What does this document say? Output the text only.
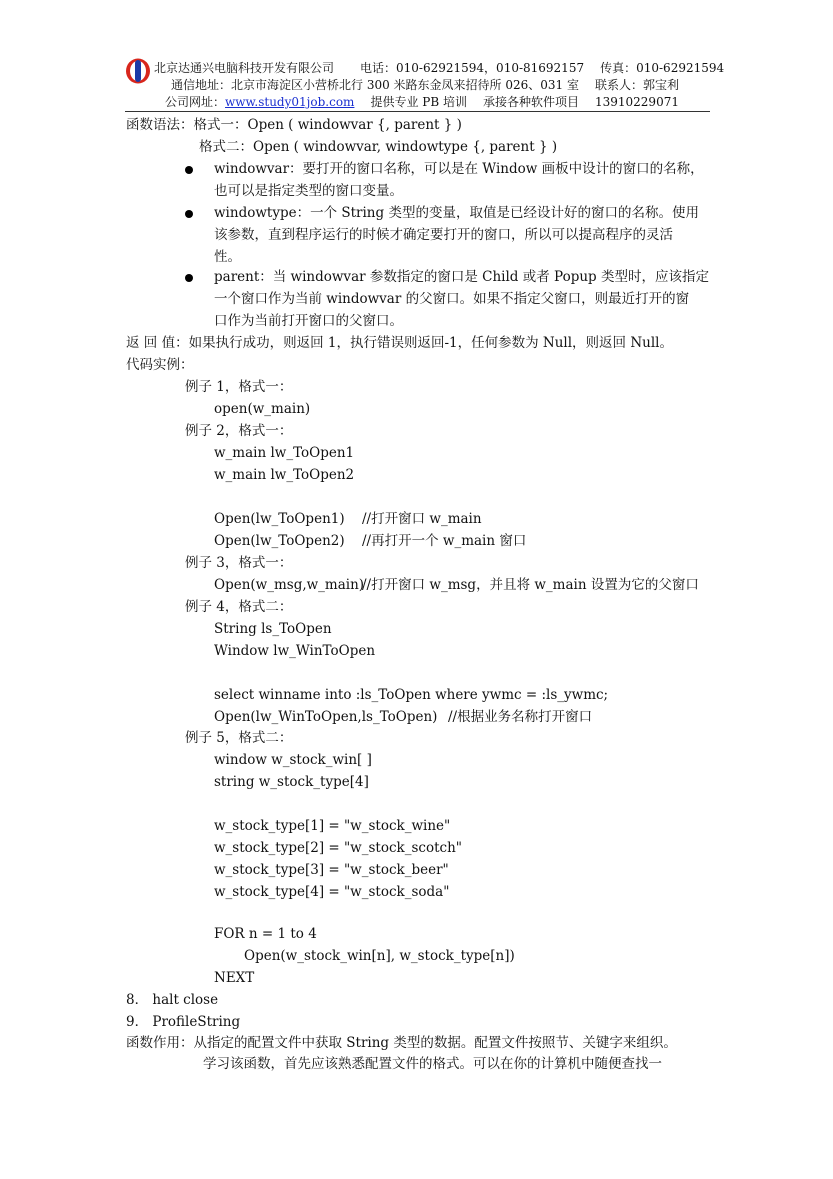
北京达通兴电脑科技开发有限公司 电话：010-62921594，010-81692157 传真：010-62921594
通信地址：北京市海淀区小营桥北行 300 米路东金凤来招待所 026、031 室 联系人：郭宝利
公司网址：www.study01job.com 提供专业 PB 培训 承接各种软件项目 13910229071
函数语法：格式一：Open ( windowvar {, parent } )
格式二：Open ( windowvar, windowtype {, parent } )
windowvar：要打开的窗口名称，可以是在 Window 画板中设计的窗口的名称，
也可以是指定类型的窗口变量。
windowtype：一个 String 类型的变量，取值是已经设计好的窗口的名称。使用
该参数，直到程序运行的时候才确定要打开的窗口，所以可以提高程序的灵活
性。
parent：当 windowvar 参数指定的窗口是 Child 或者 Popup 类型时，应该指定
一个窗口作为当前 windowvar 的父窗口。如果不指定父窗口，则最近打开的窗
口作为当前打开窗口的父窗口。
返 回 值：如果执行成功，则返回 1，执行错误则返回-1，任何参数为 Null，则返回 Null。
代码实例：
例子 1，格式一：
open(w_main)
例子 2，格式一：
w_main lw_ToOpen1
w_main lw_ToOpen2
Open(lw_ToOpen1) //打开窗口 w_main
Open(lw_ToOpen2) //再打开一个 w_main 窗口
例子 3，格式一：
Open(w_msg,w_main)
//打开窗口 w_msg，并且将 w_main 设置为它的父窗口
例子 4，格式二：
String ls_ToOpen
Window lw_WinToOpen
select winname into :ls_ToOpen where ywmc = :ls_ywmc;
Open(lw_WinToOpen,ls_ToOpen) //根据业务名称打开窗口
例子 5，格式二：
window w_stock_win[ ]
string w_stock_type[4]
w_stock_type[1] = "w_stock_wine"
w_stock_type[2] = "w_stock_scotch"
w_stock_type[3] = "w_stock_beer"
w_stock_type[4] = "w_stock_soda"
FOR n = 1 to 4
Open(w_stock_win[n], w_stock_type[n])
NEXT
8． halt close
9． ProfileString
函数作用：从指定的配置文件中获取 String 类型的数据。配置文件按照节、关键字来组织。
学习该函数，首先应该熟悉配置文件的格式。可以在你的计算机中随便查找一
